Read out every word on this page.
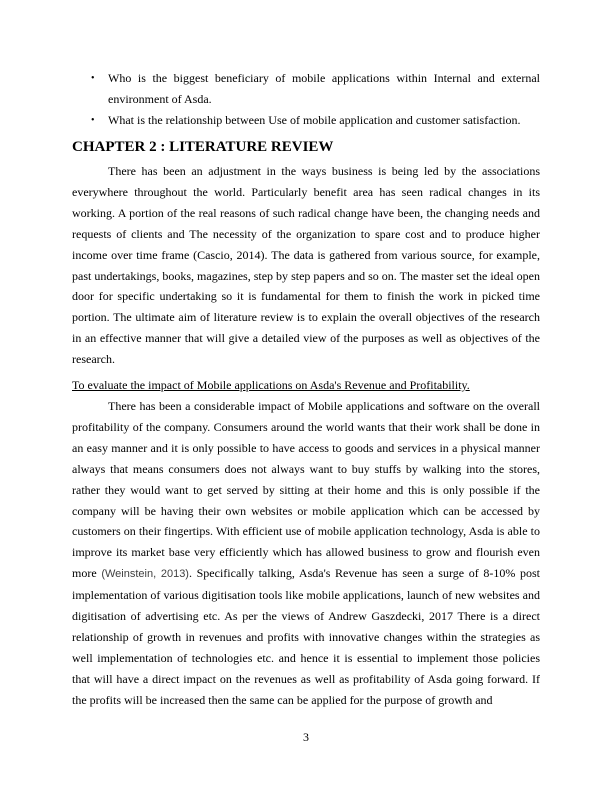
• Who is the biggest beneficiary of mobile applications within Internal and external environment of Asda.
• What is the relationship between Use of mobile application and customer satisfaction.
CHAPTER 2 : LITERATURE REVIEW

There has been an adjustment in the ways business is being led by the associations everywhere throughout the world. Particularly benefit area has seen radical changes in its working. A portion of the real reasons of such radical change have been, the changing needs and requests of clients and The necessity of the organization to spare cost and to produce higher income over time frame (Cascio, 2014). The data is gathered from various source, for example, past undertakings, books, magazines, step by step papers and so on. The master set the ideal open door for specific undertaking so it is fundamental for them to finish the work in picked time portion. The ultimate aim of literature review is to explain the overall objectives of the research in an effective manner that will give a detailed view of the purposes as well as objectives of the research.

To evaluate the impact of Mobile applications on Asda's Revenue and Profitability.

There has been a considerable impact of Mobile applications and software on the overall profitability of the company. Consumers around the world wants that their work shall be done in an easy manner and it is only possible to have access to goods and services in a physical manner always that means consumers does not always want to buy stuffs by walking into the stores, rather they would want to get served by sitting at their home and this is only possible if the company will be having their own websites or mobile application which can be accessed by customers on their fingertips. With efficient use of mobile application technology, Asda is able to improve its market base very efficiently which has allowed business to grow and flourish even more (Weinstein, 2013). Specifically talking, Asda's Revenue has seen a surge of 8-10% post implementation of various digitisation tools like mobile applications, launch of new websites and digitisation of advertising etc. As per the views of Andrew Gaszdecki, 2017 There is a direct relationship of growth in revenues and profits with innovative changes within the strategies as well implementation of technologies etc. and hence it is essential to implement those policies that will have a direct impact on the revenues as well as profitability of Asda going forward. If the profits will be increased then the same can be applied for the purpose of growth and

3
